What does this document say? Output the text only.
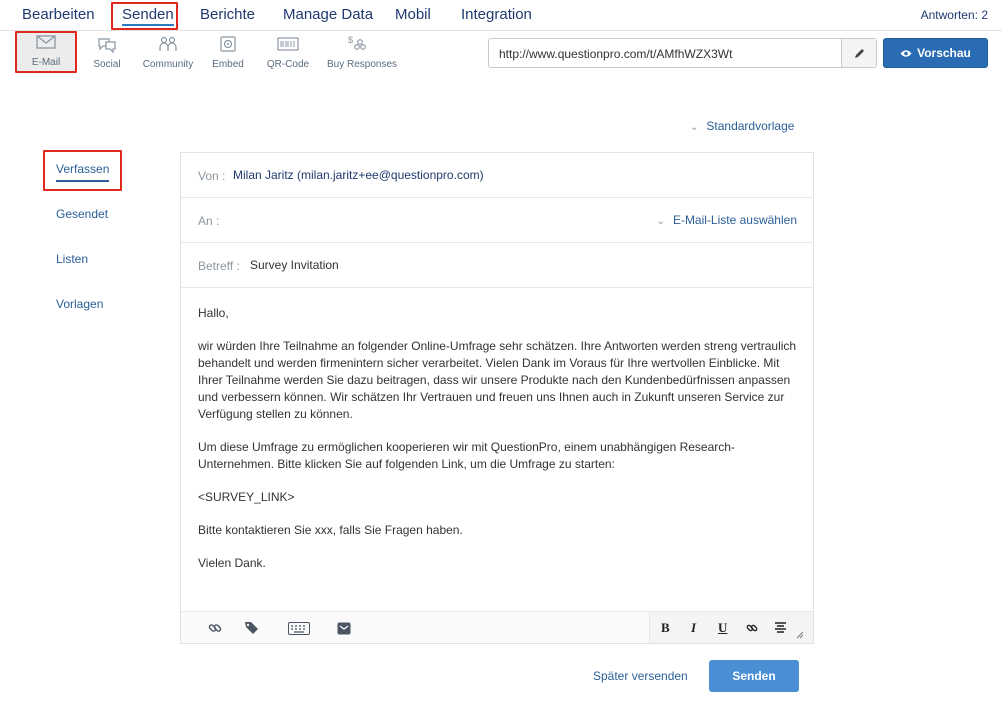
Bearbeiten Senden Berichte Manage Data Mobil Integration	Antworten: 2
E-Mail	Social	Community	Embed	QR-Code
$
Buy Responses
http://www.questionpro.com/t/AMfhWZX3Wt	Vorschau
⌄ Standardvorlage
Verfassen
Gesendet
Listen
Vorlagen
Von : Milan Jaritz (milan.jaritz+ee@questionpro.com)
An :	⌄ E-Mail-Liste auswählen
Betreff : Survey Invitation

Hallo,

wir würden Ihre Teilnahme an folgender Online-Umfrage sehr schätzen. Ihre Antworten werden streng vertraulich behandelt und werden firmenintern sicher verarbeitet. Vielen Dank im Voraus für Ihre wertvollen Einblicke. Mit Ihrer Teilnahme werden Sie dazu beitragen, dass wir unsere Produkte nach den Kundenbedürfnissen anpassen und verbessern können. Wir schätzen Ihr Vertrauen und freuen uns Ihnen auch in Zukunft unseren Service zur Verfügung stellen zu können.

Um diese Umfrage zu ermöglichen kooperieren wir mit QuestionPro, einem unabhängigen Research-Unternehmen. Bitte klicken Sie auf folgenden Link, um die Umfrage zu starten:

<SURVEY_LINK>

Bitte kontaktieren Sie xxx, falls Sie Fragen haben.

Vielen Dank.

B I U
Später versenden	Senden
